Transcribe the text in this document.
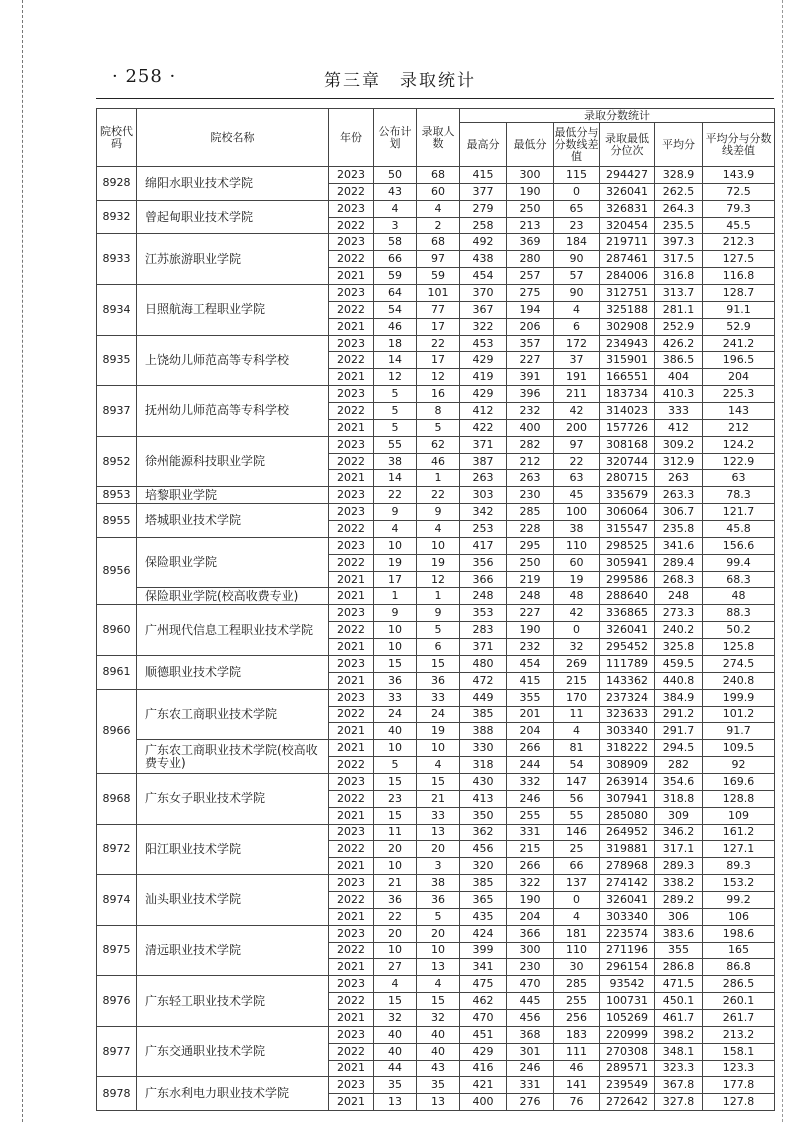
· 258 ·	第三章　录取统计
院校代码	院校名称	年份	公布计划	录取人数	录取分数统计					
					最高分	最低分	最低分与分数线差值	录取最低分位次	平均分	平均分与分数线差值
8928	绵阳水职业技术学院	2023	50	68	415	300	115	294427	328.9	143.9
		2022	43	60	377	190	0	326041	262.5	72.5
8932	曾起甸职业技术学院	2023	4	4	279	250	65	326831	264.3	79.3
		2022	3	2	258	213	23	320454	235.5	45.5
8933	江苏旅游职业学院	2023	58	68	492	369	184	219711	397.3	212.3
		2022	66	97	438	280	90	287461	317.5	127.5
		2021	59	59	454	257	57	284006	316.8	116.8
8934	日照航海工程职业学院	2023	64	101	370	275	90	312751	313.7	128.7
		2022	54	77	367	194	4	325188	281.1	91.1
		2021	46	17	322	206	6	302908	252.9	52.9
8935	上饶幼儿师范高等专科学校	2023	18	22	453	357	172	234943	426.2	241.2
		2022	14	17	429	227	37	315901	386.5	196.5
		2021	12	12	419	391	191	166551	404	204
8937	抚州幼儿师范高等专科学校	2023	5	16	429	396	211	183734	410.3	225.3
		2022	5	8	412	232	42	314023	333	143
		2021	5	5	422	400	200	157726	412	212
8952	徐州能源科技职业学院	2023	55	62	371	282	97	308168	309.2	124.2
		2022	38	46	387	212	22	320744	312.9	122.9
		2021	14	1	263	263	63	280715	263	63
8953	培黎职业学院	2023	22	22	303	230	45	335679	263.3	78.3
8955	塔城职业技术学院	2023	9	9	342	285	100	306064	306.7	121.7
		2022	4	4	253	228	38	315547	235.8	45.8
8956	保险职业学院	2023	10	10	417	295	110	298525	341.6	156.6
		2022	19	19	356	250	60	305941	289.4	99.4
		2021	17	12	366	219	19	299586	268.3	68.3
	保险职业学院(校高收费专业)	2021	1	1	248	248	48	288640	248	48
8960	广州现代信息工程职业技术学院	2023	9	9	353	227	42	336865	273.3	88.3
		2022	10	5	283	190	0	326041	240.2	50.2
		2021	10	6	371	232	32	295452	325.8	125.8
8961	顺德职业技术学院	2023	15	15	480	454	269	111789	459.5	274.5
		2021	36	36	472	415	215	143362	440.8	240.8
8966	广东农工商职业技术学院	2023	33	33	449	355	170	237324	384.9	199.9
		2022	24	24	385	201	11	323633	291.2	101.2
		2021	40	19	388	204	4	303340	291.7	91.7
	广东农工商职业技术学院(校高收费专业)	2021	10	10	330	266	81	318222	294.5	109.5
		2022	5	4	318	244	54	308909	282	92
8968	广东女子职业技术学院	2023	15	15	430	332	147	263914	354.6	169.6
		2022	23	21	413	246	56	307941	318.8	128.8
		2021	15	33	350	255	55	285080	309	109
8972	阳江职业技术学院	2023	11	13	362	331	146	264952	346.2	161.2
		2022	20	20	456	215	25	319881	317.1	127.1
		2021	10	3	320	266	66	278968	289.3	89.3
8974	汕头职业技术学院	2023	21	38	385	322	137	274142	338.2	153.2
		2022	36	36	365	190	0	326041	289.2	99.2
		2021	22	5	435	204	4	303340	306	106
8975	清远职业技术学院	2023	20	20	424	366	181	223574	383.6	198.6
		2022	10	10	399	300	110	271196	355	165
		2021	27	13	341	230	30	296154	286.8	86.8
8976	广东轻工职业技术学院	2023	4	4	475	470	285	93542	471.5	286.5
		2022	15	15	462	445	255	100731	450.1	260.1
		2021	32	32	470	456	256	105269	461.7	261.7
8977	广东交通职业技术学院	2023	40	40	451	368	183	220999	398.2	213.2
		2022	40	40	429	301	111	270308	348.1	158.1
		2021	44	43	416	246	46	289571	323.3	123.3
8978	广东水利电力职业技术学院	2023	35	35	421	331	141	239549	367.8	177.8
		2021	13	13	400	276	76	272642	327.8	127.8
